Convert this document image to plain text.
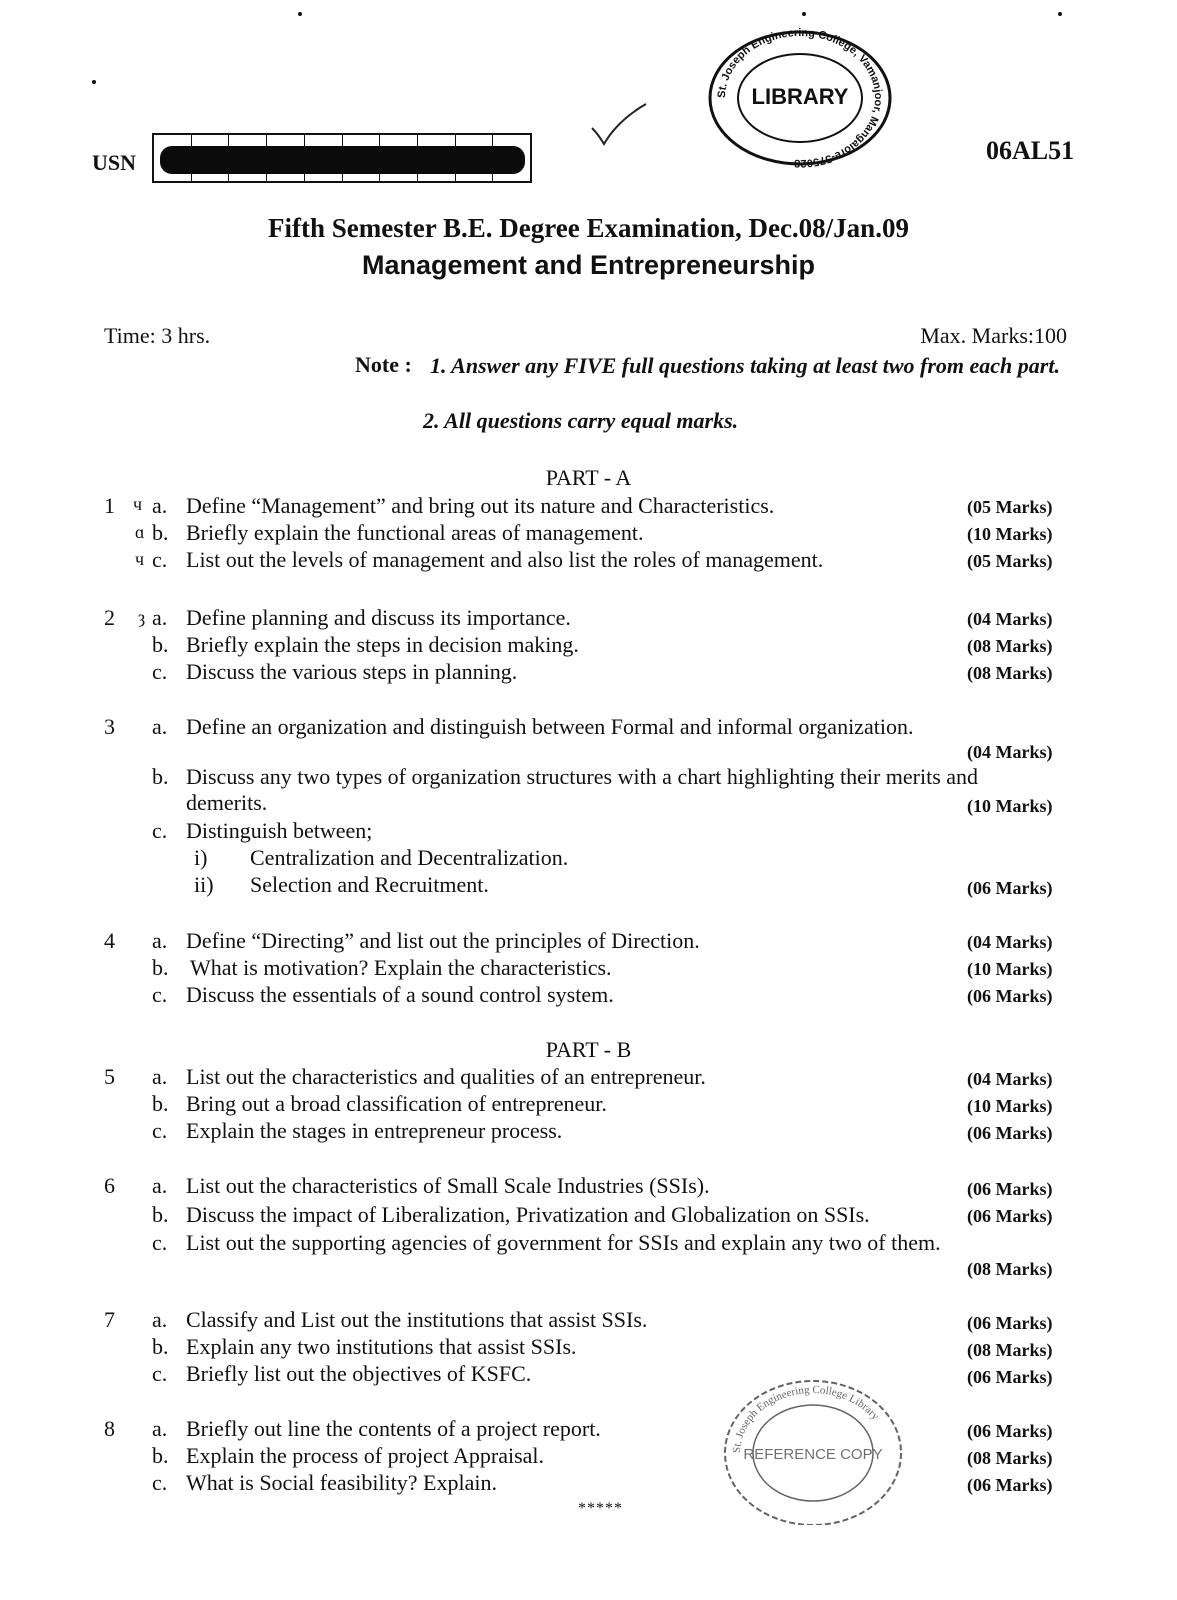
USN
St. Joseph Engineering College, Vamanjoor, Mangalore-575028
LIBRARY
06AL51
Fifth Semester B.E. Degree Examination, Dec.08/Jan.09
Management and Entrepreneurship
Time: 3 hrs.	Max. Marks:100
Note : 1. Answer any FIVE full questions taking at least two from each part.
2. All questions carry equal marks.
PART - A
1 ч a. Define “Management” and bring out its nature and Characteristics.	(05 Marks)
ɑ b. Briefly explain the functional areas of management.	(10 Marks)
ч c. List out the levels of management and also list the roles of management.	(05 Marks)
2 ȝ a. Define planning and discuss its importance.	(04 Marks)
b. Briefly explain the steps in decision making.	(08 Marks)
c. Discuss the various steps in planning.	(08 Marks)
3 a. Define an organization and distinguish between Formal and informal organization.
(04 Marks)
b. Discuss any two types of organization structures with a chart highlighting their merits and
demerits.	(10 Marks)
c. Distinguish between;
i) Centralization and Decentralization.
ii) Selection and Recruitment.	(06 Marks)
4 a. Define “Directing” and list out the principles of Direction.	(04 Marks)
b. What is motivation? Explain the characteristics.	(10 Marks)
c. Discuss the essentials of a sound control system.	(06 Marks)
PART - B
5 a. List out the characteristics and qualities of an entrepreneur.	(04 Marks)
b. Bring out a broad classification of entrepreneur.	(10 Marks)
c. Explain the stages in entrepreneur process.	(06 Marks)
6 a. List out the characteristics of Small Scale Industries (SSIs).	(06 Marks)
b. Discuss the impact of Liberalization, Privatization and Globalization on SSIs.	(06 Marks)
c. List out the supporting agencies of government for SSIs and explain any two of them.
(08 Marks)
7 a. Classify and List out the institutions that assist SSIs.	(06 Marks)
b. Explain any two institutions that assist SSIs.	(08 Marks)
c. Briefly list out the objectives of KSFC.	(06 Marks)
8 a. Briefly out line the contents of a project report.	(06 Marks)
b. Explain the process of project Appraisal.	(08 Marks)
c. What is Social feasibility? Explain.	(06 Marks)
St. Joseph Engineering College Library
REFERENCE COPY
*****
